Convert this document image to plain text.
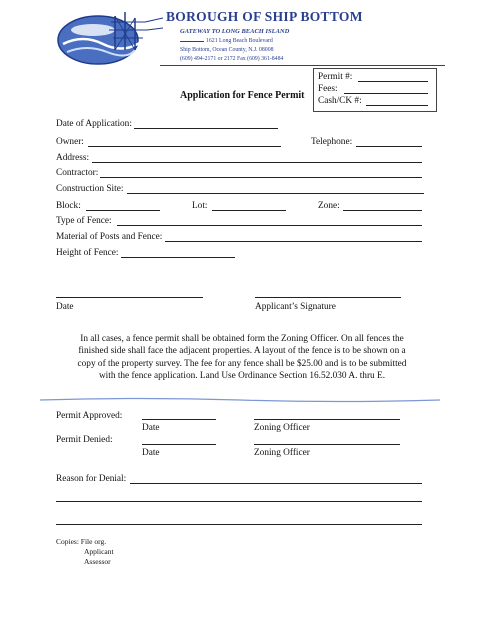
BOROUGH OF SHIP BOTTOM
GATEWAY TO LONG BEACH ISLAND
1621 Long Beach Boulevard
Ship Bottom, Ocean County, N.J. 08008
(609) 494-2171 or 2172 Fax (609) 361-8484
Permit #:
Fees:
Cash/CK #:
Application for Fence Permit
Date of Application:
Owner:	Telephone:
Address:
Contractor:
Construction Site:
Block:	Lot:	Zone:
Type of Fence:
Material of Posts and Fence:
Height of Fence:
Date	Applicant’s Signature
In all cases, a fence permit shall be obtained form the Zoning Officer. On all fences the finished side shall face the adjacent properties. A layout of the fence is to be shown on a copy of the property survey. The fee for any fence shall be $25.00 and is to be submitted with the fence application. Land Use Ordinance Section 16.52.030 A. thru E.
Permit Approved:
Date	Zoning Officer
Permit Denied:
Date	Zoning Officer
Reason for Denial:
Copies: File org.
Applicant
Assessor
